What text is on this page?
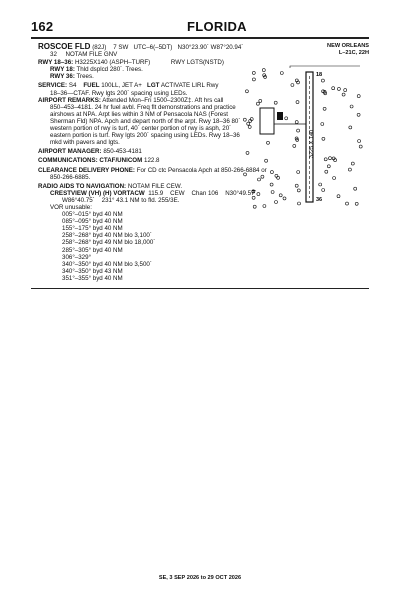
162	FLORIDA
NEW ORLEANS
L–21C, 22H
ROSCOE FLD (82J) 7 SW UTC–6(–5DT) N30°23.90´ W87°20.94´
32 NOTAM FILE GNV
RWY 18–36: H3225X140 (ASPH–TURF)	RWY LGTS(NSTD)
RWY 18: Thld dsplcd 280´. Trees.
RWY 36: Trees.
SERVICE: S4 FUEL 100LL, JET A+ LGT ACTIVATE LIRL Rwy
18–36—CTAF. Rwy lgts 200´ spacing using LEDs.
AIRPORT REMARKS: Attended Mon–Fri 1500–2300Z‡. Aft hrs call
850–453–4181. 24 hr fuel avbl. Freq flt demonstrations and practice
airshows at NPA. Arpt lies within 3 NM of Pensacola NAS (Forest
Sherman Fld) NPA. Apch and depart north of the arpt. Rwy 18–36 80´
western portion of rwy is turf, 40´ center portion of rwy is asph, 20´
eastern portion is turf. Rwy lgts 200´ spacing using LEDs. Rwy 18–36
mkd with pavers and lgts.
AIRPORT MANAGER: 850-453-4181
COMMUNICATIONS: CTAF/UNICOM 122.8
CLEARANCE DELIVERY PHONE: For CD ctc Pensacola Apch at 850-266-6884 or
850-266-6885.
RADIO AIDS TO NAVIGATION: NOTAM FILE CEW.
CRESTVIEW (VH) (H) VORTACW 115.9 CEW Chan 106 N30°49.57´
W86°40.75´ 231° 43.1 NM to fld. 255/3E.
VOR unusable:
005°–015° byd 40 NM
085°–095° byd 40 NM
155°–175° byd 40 NM
258°–268° byd 40 NM blo 3,100´
258°–268° byd 49 NM blo 18,000´
285°–305° byd 40 NM
306°–329°
340°–350° byd 40 NM blo 3,500´
340°–350° byd 43 NM
351°–355° byd 40 NM
3225 X 140
18
36
SE, 3 SEP 2026 to 29 OCT 2026
